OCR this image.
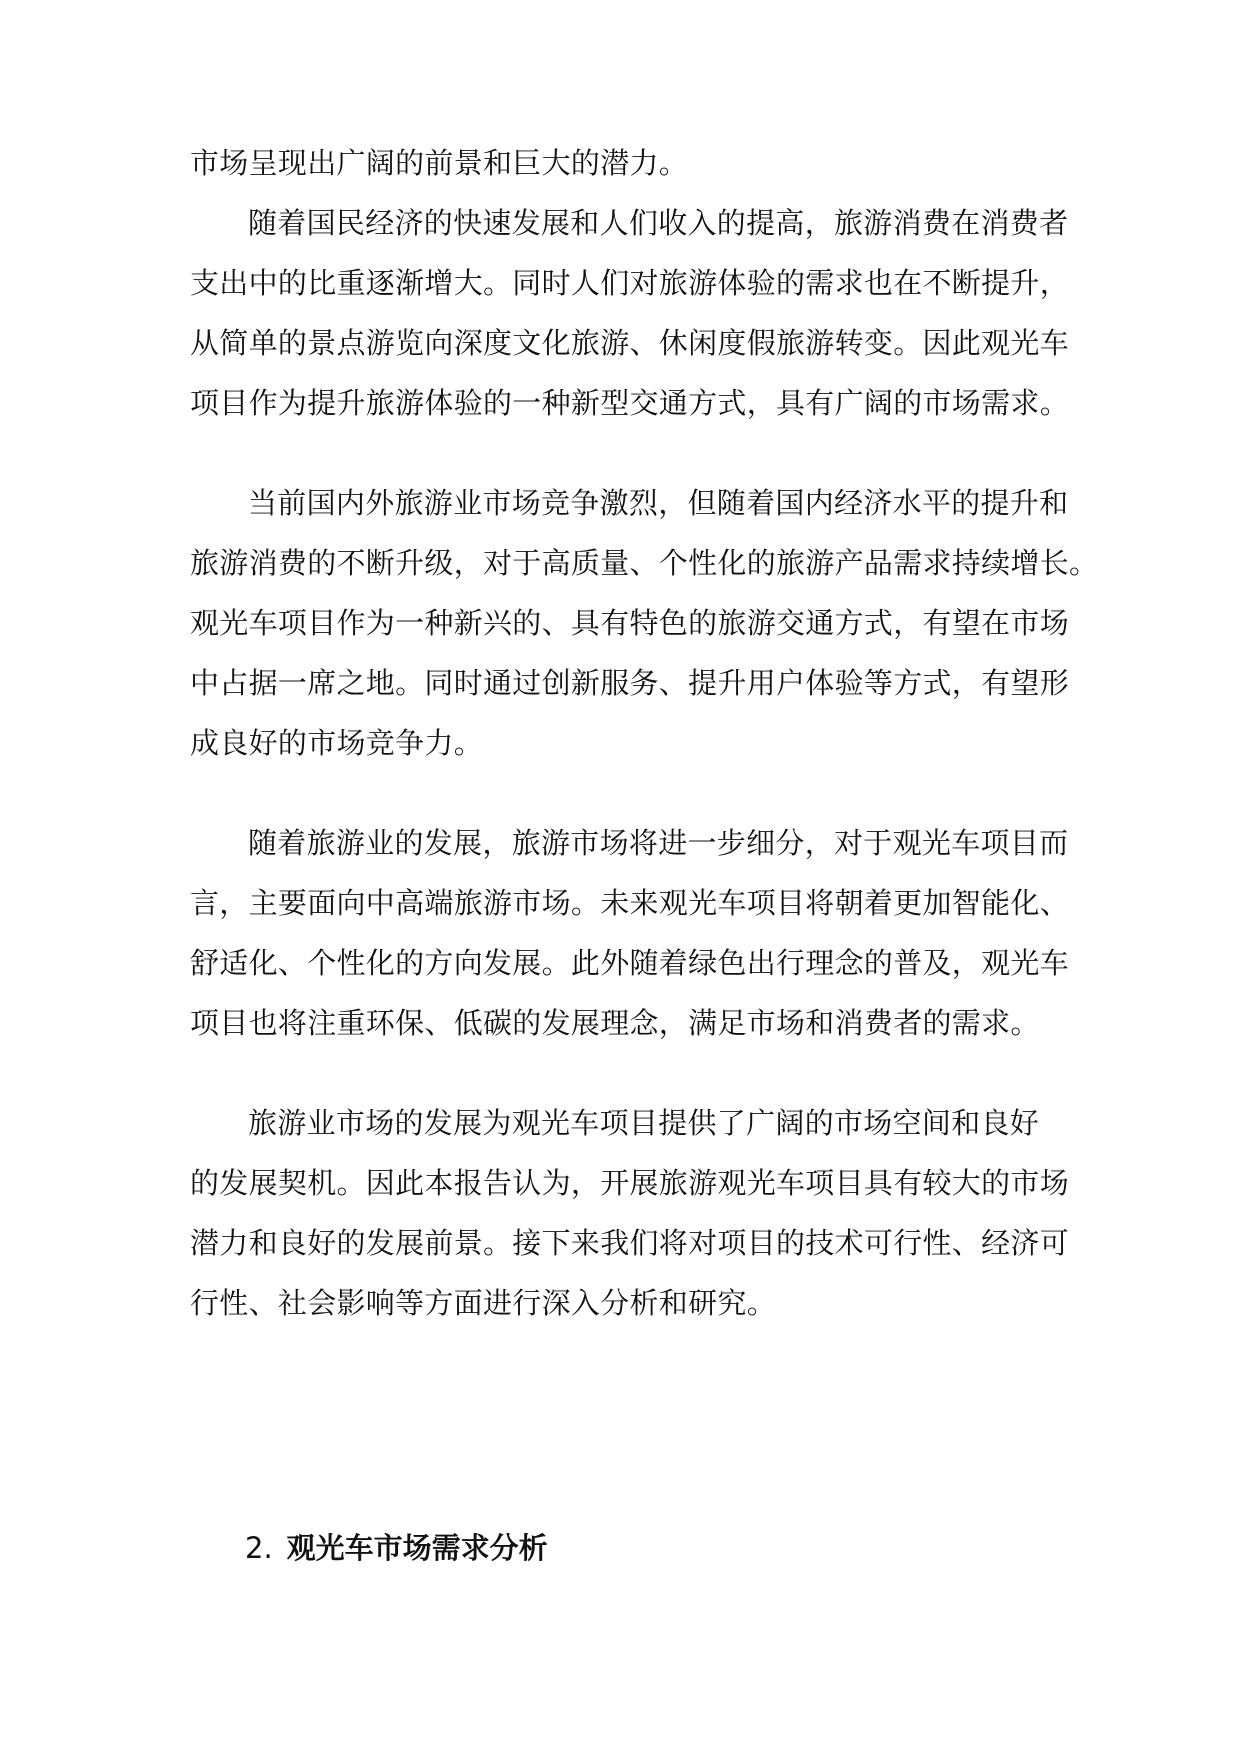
市场呈现出广阔的前景和巨大的潜力。
随着国民经济的快速发展和人们收入的提高，旅游消费在消费者
支出中的比重逐渐增大。同时人们对旅游体验的需求也在不断提升，
从简单的景点游览向深度文化旅游、休闲度假旅游转变。因此观光车
项目作为提升旅游体验的一种新型交通方式，具有广阔的市场需求。
当前国内外旅游业市场竞争激烈，但随着国内经济水平的提升和
旅游消费的不断升级，对于高质量、个性化的旅游产品需求持续增长。
观光车项目作为一种新兴的、具有特色的旅游交通方式，有望在市场
中占据一席之地。同时通过创新服务、提升用户体验等方式，有望形
成良好的市场竞争力。
随着旅游业的发展，旅游市场将进一步细分，对于观光车项目而
言，主要面向中高端旅游市场。未来观光车项目将朝着更加智能化、
舒适化、个性化的方向发展。此外随着绿色出行理念的普及，观光车
项目也将注重环保、低碳的发展理念，满足市场和消费者的需求。
旅游业市场的发展为观光车项目提供了广阔的市场空间和良好
的发展契机。因此本报告认为，开展旅游观光车项目具有较大的市场
潜力和良好的发展前景。接下来我们将对项目的技术可行性、经济可
行性、社会影响等方面进行深入分析和研究。
2. 观光车市场需求分析
